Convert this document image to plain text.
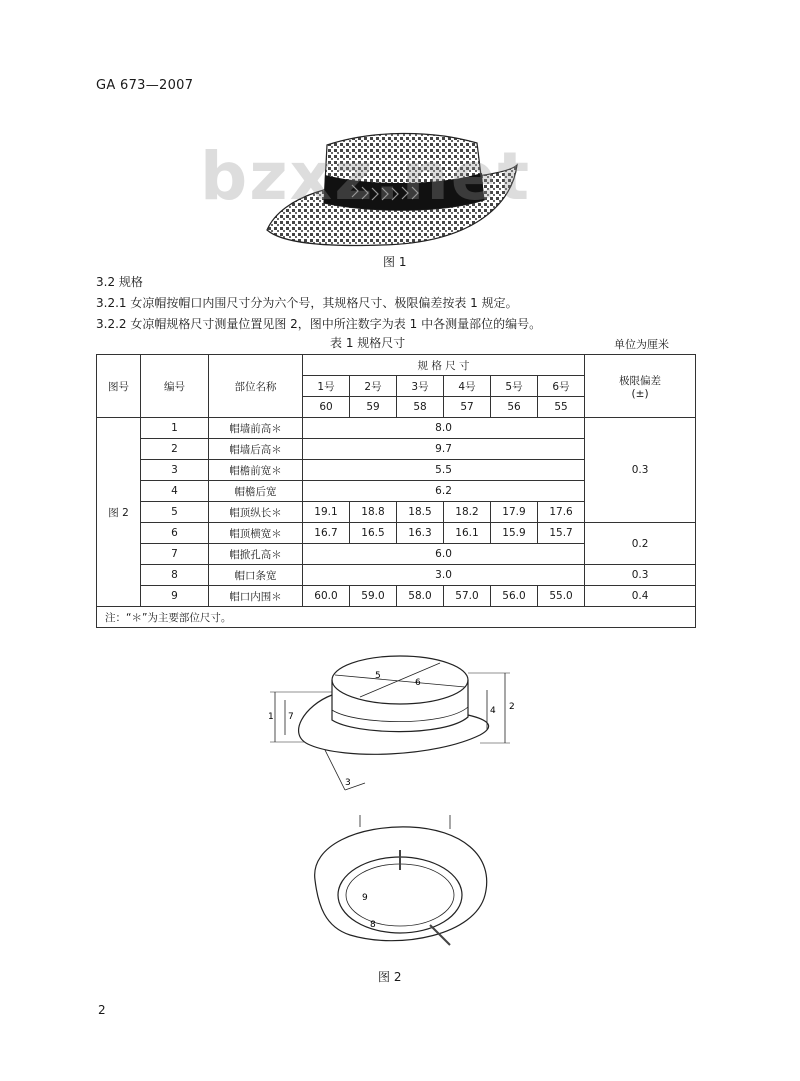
GA 673—2007
bzxz.net
图 1
3.2 规格
3.2.1 女凉帽按帽口内围尺寸分为六个号，其规格尺寸、极限偏差按表 1 规定。
3.2.2 女凉帽规格尺寸测量位置见图 2，图中所注数字为表 1 中各测量部位的编号。
表 1 规格尺寸	单位为厘米
图号	编号	部位名称	规 格 尺 寸						极限偏差
(±)

			1号	2号	3号	4号	5号	6号	
			60	59	58	57	56	55	
图 2	1	帽墙前高＊	8.0						0.3
	2	帽墙后高＊	9.7						
	3	帽檐前宽＊	5.5						
	4	帽檐后宽	6.2						
	5	帽顶纵长＊	19.1	18.8	18.5	18.2	17.9	17.6	
	6	帽顶横宽＊	16.7	16.5	16.3	16.1	15.9	15.7	0.2
	7	帽掀孔高＊	6.0						
	8	帽口条宽	3.0						0.3
	9	帽口内围＊	60.0	59.0	58.0	57.0	56.0	55.0	0.4
注：“＊”为主要部位尺寸。									
1 7
2
4
5
6
3
9
8
图 2
2
